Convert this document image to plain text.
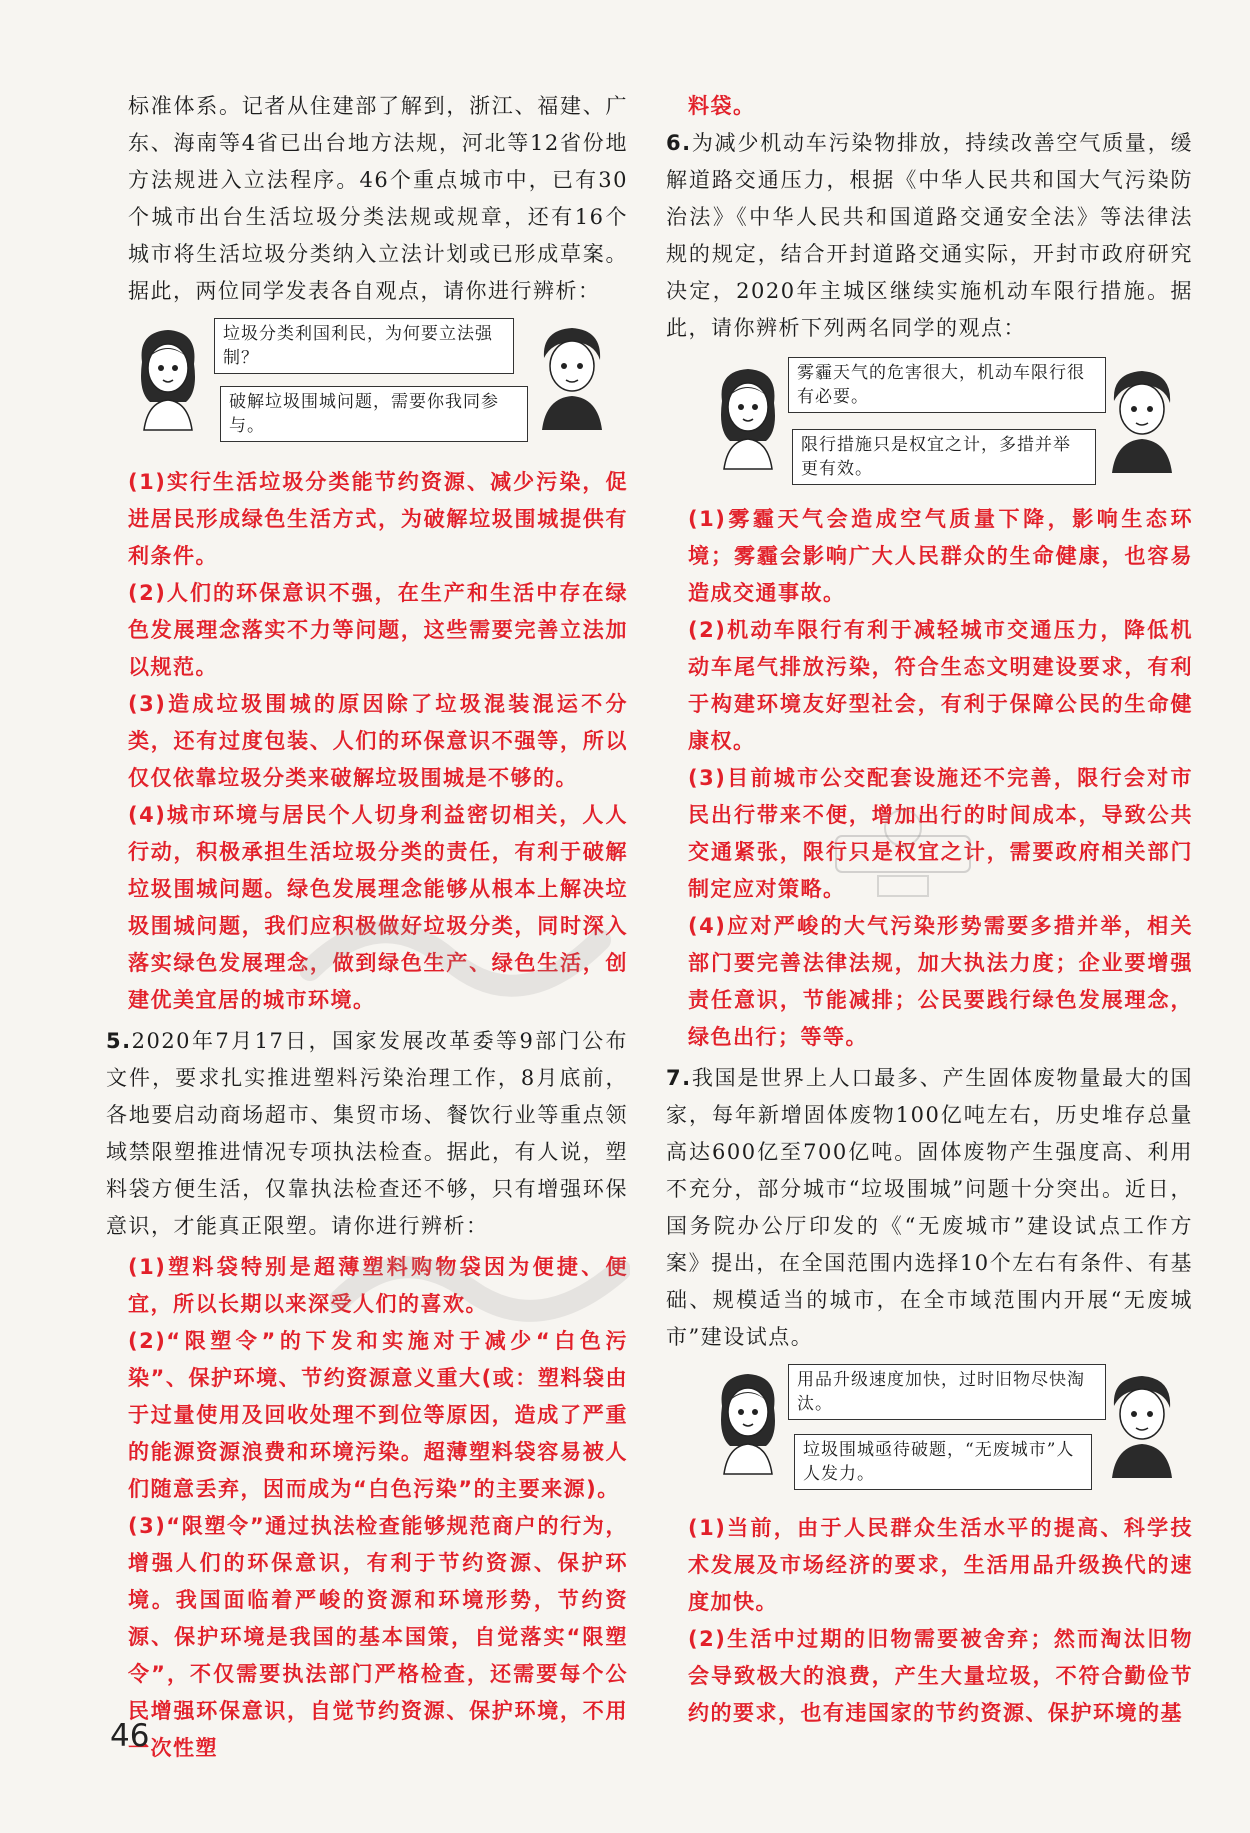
标准体系。记者从住建部了解到，浙江、福建、广东、海南等4省已出台地方法规，河北等12省份地方法规进入立法程序。46个重点城市中，已有30个城市出台生活垃圾分类法规或规章，还有16个城市将生活垃圾分类纳入立法计划或已形成草案。据此，两位同学发表各自观点，请你进行辨析：

垃圾分类利国利民，为何要立法强制？
破解垃圾围城问题，需要你我同参与。

(1)实行生活垃圾分类能节约资源、减少污染，促进居民形成绿色生活方式，为破解垃圾围城提供有利条件。

(2)人们的环保意识不强，在生产和生活中存在绿色发展理念落实不力等问题，这些需要完善立法加以规范。

(3)造成垃圾围城的原因除了垃圾混装混运不分类，还有过度包装、人们的环保意识不强等，所以仅仅依靠垃圾分类来破解垃圾围城是不够的。

(4)城市环境与居民个人切身利益密切相关，人人行动，积极承担生活垃圾分类的责任，有利于破解垃圾围城问题。绿色发展理念能够从根本上解决垃圾围城问题，我们应积极做好垃圾分类，同时深入落实绿色发展理念，做到绿色生产、绿色生活，创建优美宜居的城市环境。

5.2020年7月17日，国家发展改革委等9部门公布文件，要求扎实推进塑料污染治理工作，8月底前，各地要启动商场超市、集贸市场、餐饮行业等重点领域禁限塑推进情况专项执法检查。据此，有人说，塑料袋方便生活，仅靠执法检查还不够，只有增强环保意识，才能真正限塑。请你进行辨析：

(1)塑料袋特别是超薄塑料购物袋因为便捷、便宜，所以长期以来深受人们的喜欢。

(2)“限塑令”的下发和实施对于减少“白色污染”、保护环境、节约资源意义重大(或：塑料袋由于过量使用及回收处理不到位等原因，造成了严重的能源资源浪费和环境污染。超薄塑料袋容易被人们随意丢弃，因而成为“白色污染”的主要来源)。

(3)“限塑令”通过执法检查能够规范商户的行为，增强人们的环保意识，有利于节约资源、保护环境。我国面临着严峻的资源和环境形势，节约资源、保护环境是我国的基本国策，自觉落实“限塑令”，不仅需要执法部门严格检查，还需要每个公民增强环保意识，自觉节约资源、保护环境，不用一次性塑

料袋。

6.为减少机动车污染物排放，持续改善空气质量，缓解道路交通压力，根据《中华人民共和国大气污染防治法》《中华人民共和国道路交通安全法》等法律法规的规定，结合开封道路交通实际，开封市政府研究决定，2020年主城区继续实施机动车限行措施。据此，请你辨析下列两名同学的观点：

雾霾天气的危害很大，机动车限行很有必要。
限行措施只是权宜之计，多措并举更有效。

(1)雾霾天气会造成空气质量下降，影响生态环境；雾霾会影响广大人民群众的生命健康，也容易造成交通事故。

(2)机动车限行有利于减轻城市交通压力，降低机动车尾气排放污染，符合生态文明建设要求，有利于构建环境友好型社会，有利于保障公民的生命健康权。

(3)目前城市公交配套设施还不完善，限行会对市民出行带来不便，增加出行的时间成本，导致公共交通紧张，限行只是权宜之计，需要政府相关部门制定应对策略。

(4)应对严峻的大气污染形势需要多措并举，相关部门要完善法律法规，加大执法力度；企业要增强责任意识，节能减排；公民要践行绿色发展理念，绿色出行；等等。

7.我国是世界上人口最多、产生固体废物量最大的国家，每年新增固体废物100亿吨左右，历史堆存总量高达600亿至700亿吨。固体废物产生强度高、利用不充分，部分城市“垃圾围城”问题十分突出。近日，国务院办公厅印发的《“无废城市”建设试点工作方案》提出，在全国范围内选择10个左右有条件、有基础、规模适当的城市，在全市域范围内开展“无废城市”建设试点。

用品升级速度加快，过时旧物尽快淘汰。
垃圾围城亟待破题，“无废城市”人人发力。

(1)当前，由于人民群众生活水平的提高、科学技术发展及市场经济的要求，生活用品升级换代的速度加快。

(2)生活中过期的旧物需要被舍弃；然而淘汰旧物会导致极大的浪费，产生大量垃圾，不符合勤俭节约的要求，也有违国家的节约资源、保护环境的基

46
